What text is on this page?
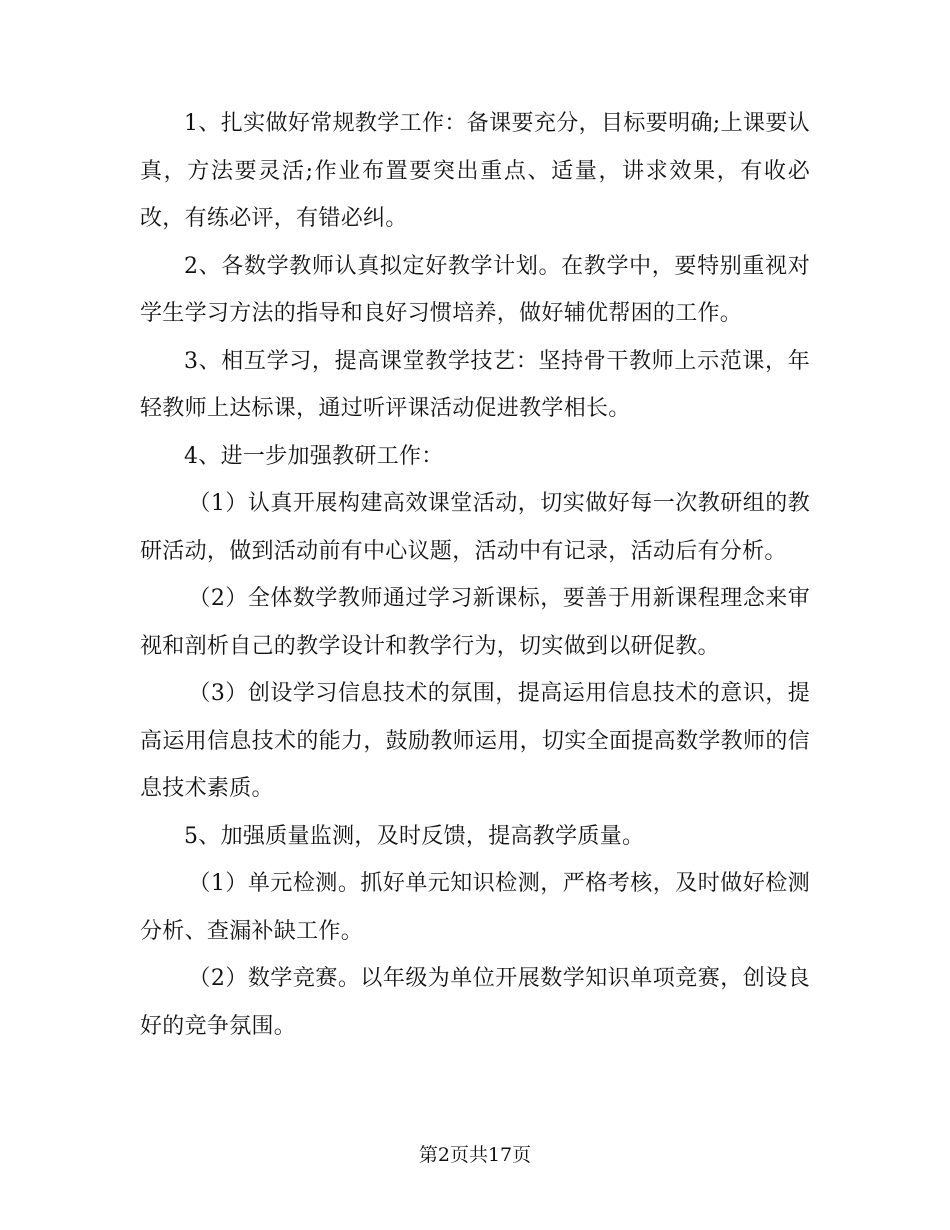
1、扎实做好常规教学工作：备课要充分，目标要明确;上课要认真，方法要灵活;作业布置要突出重点、适量，讲求效果，有收必改，有练必评，有错必纠。

2、各数学教师认真拟定好教学计划。在教学中，要特别重视对学生学习方法的指导和良好习惯培养，做好辅优帮困的工作。

3、相互学习，提高课堂教学技艺：坚持骨干教师上示范课，年轻教师上达标课，通过听评课活动促进教学相长。

4、进一步加强教研工作：

（1）认真开展构建高效课堂活动，切实做好每一次教研组的教研活动，做到活动前有中心议题，活动中有记录，活动后有分析。

（2）全体数学教师通过学习新课标，要善于用新课程理念来审视和剖析自己的教学设计和教学行为，切实做到以研促教。

（3）创设学习信息技术的氛围，提高运用信息技术的意识，提高运用信息技术的能力，鼓励教师运用，切实全面提高数学教师的信息技术素质。

5、加强质量监测，及时反馈，提高教学质量。

（1）单元检测。抓好单元知识检测，严格考核，及时做好检测分析、查漏补缺工作。

（2）数学竞赛。以年级为单位开展数学知识单项竞赛，创设良好的竞争氛围。

第2页共17页
